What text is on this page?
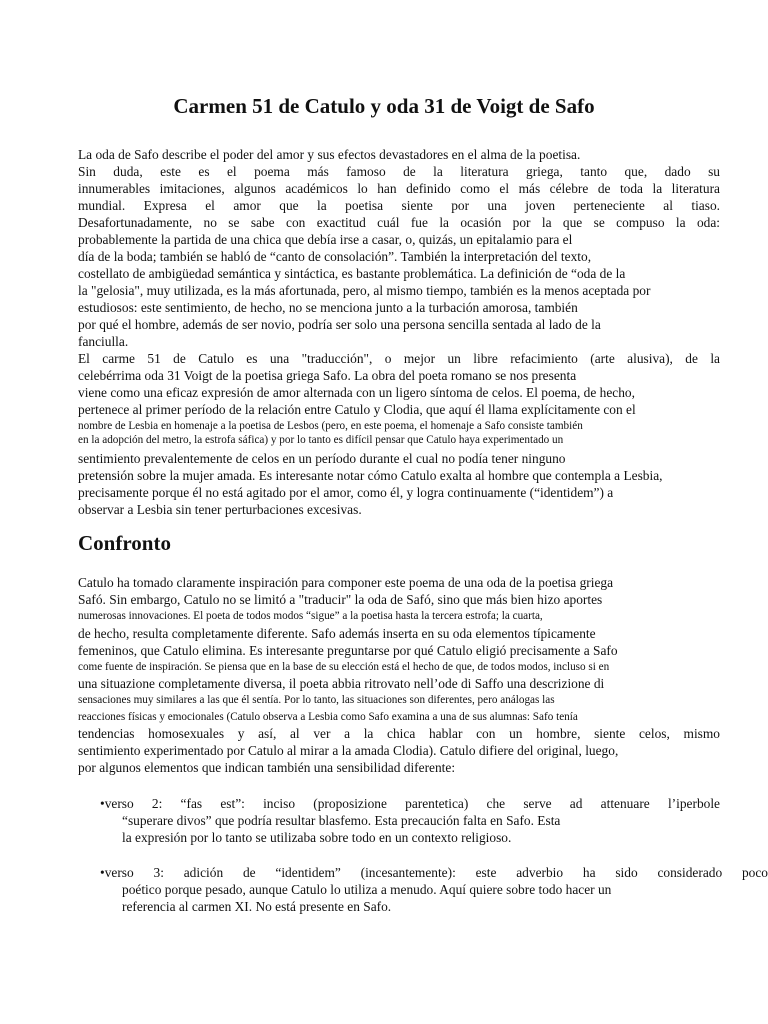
Carmen 51 de Catulo y oda 31 de Voigt de Safo
La oda de Safo describe el poder del amor y sus efectos devastadores en el alma de la poetisa.
Sin duda, este es el poema más famoso de la literatura griega, tanto que, dado su
innumerables imitaciones, algunos académicos lo han definido como el más célebre de toda la literatura
mundial. Expresa el amor que la poetisa siente por una joven perteneciente al tiaso.
Desafortunadamente, no se sabe con exactitud cuál fue la ocasión por la que se compuso la oda:
probablemente la partida de una chica que debía irse a casar, o, quizás, un epitalamio para el
día de la boda; también se habló de “canto de consolación”. También la interpretación del texto,
costellato de ambigüedad semántica y sintáctica, es bastante problemática. La definición de “oda de la
la "gelosia", muy utilizada, es la más afortunada, pero, al mismo tiempo, también es la menos aceptada por
estudiosos: este sentimiento, de hecho, no se menciona junto a la turbación amorosa, también
por qué el hombre, además de ser novio, podría ser solo una persona sencilla sentada al lado de la
fanciulla.
El carme 51 de Catulo es una "traducción", o mejor un libre refacimiento (arte alusiva), de la
celebérrima oda 31 Voigt de la poetisa griega Safo. La obra del poeta romano se nos presenta
viene como una eficaz expresión de amor alternada con un ligero síntoma de celos. El poema, de hecho,
pertenece al primer período de la relación entre Catulo y Clodia, que aquí él llama explícitamente con el
nombre de Lesbia en homenaje a la poetisa de Lesbos (pero, en este poema, el homenaje a Safo consiste también
en la adopción del metro, la estrofa sáfica) y por lo tanto es difícil pensar que Catulo haya experimentado un
sentimiento prevalentemente de celos en un período durante el cual no podía tener ninguno
pretensión sobre la mujer amada. Es interesante notar cómo Catulo exalta al hombre que contempla a Lesbia,
precisamente porque él no está agitado por el amor, como él, y logra continuamente (“identidem”) a
observar a Lesbia sin tener perturbaciones excesivas.
Confronto
Catulo ha tomado claramente inspiración para componer este poema de una oda de la poetisa griega
Safó. Sin embargo, Catulo no se limitó a "traducir" la oda de Safó, sino que más bien hizo aportes
numerosas innovaciones. El poeta de todos modos “sigue” a la poetisa hasta la tercera estrofa; la cuarta,
de hecho, resulta completamente diferente. Safo además inserta en su oda elementos típicamente
femeninos, que Catulo elimina. Es interesante preguntarse por qué Catulo eligió precisamente a Safo
come fuente de inspiración. Se piensa que en la base de su elección está el hecho de que, de todos modos, incluso si en
una situazione completamente diversa, il poeta abbia ritrovato nell’ode di Saffo una descrizione di
sensaciones muy similares a las que él sentía. Por lo tanto, las situaciones son diferentes, pero análogas las
reacciones físicas y emocionales (Catulo observa a Lesbia como Safo examina a una de sus alumnas: Safo tenía
tendencias homosexuales y así, al ver a la chica hablar con un hombre, siente celos, mismo
sentimiento experimentado por Catulo al mirar a la amada Clodia). Catulo difiere del original, luego,
por algunos elementos que indican también una sensibilidad diferente:
•verso 2: “fas est”: inciso (proposizione parentetica) che serve ad attenuare l’iperbole
“superare divos” que podría resultar blasfemo. Esta precaución falta en Safo. Esta
la expresión por lo tanto se utilizaba sobre todo en un contexto religioso.
•verso 3: adición de “identidem” (incesantemente): este adverbio ha sido considerado poco
poético porque pesado, aunque Catulo lo utiliza a menudo. Aquí quiere sobre todo hacer un
referencia al carmen XI. No está presente en Safo.
